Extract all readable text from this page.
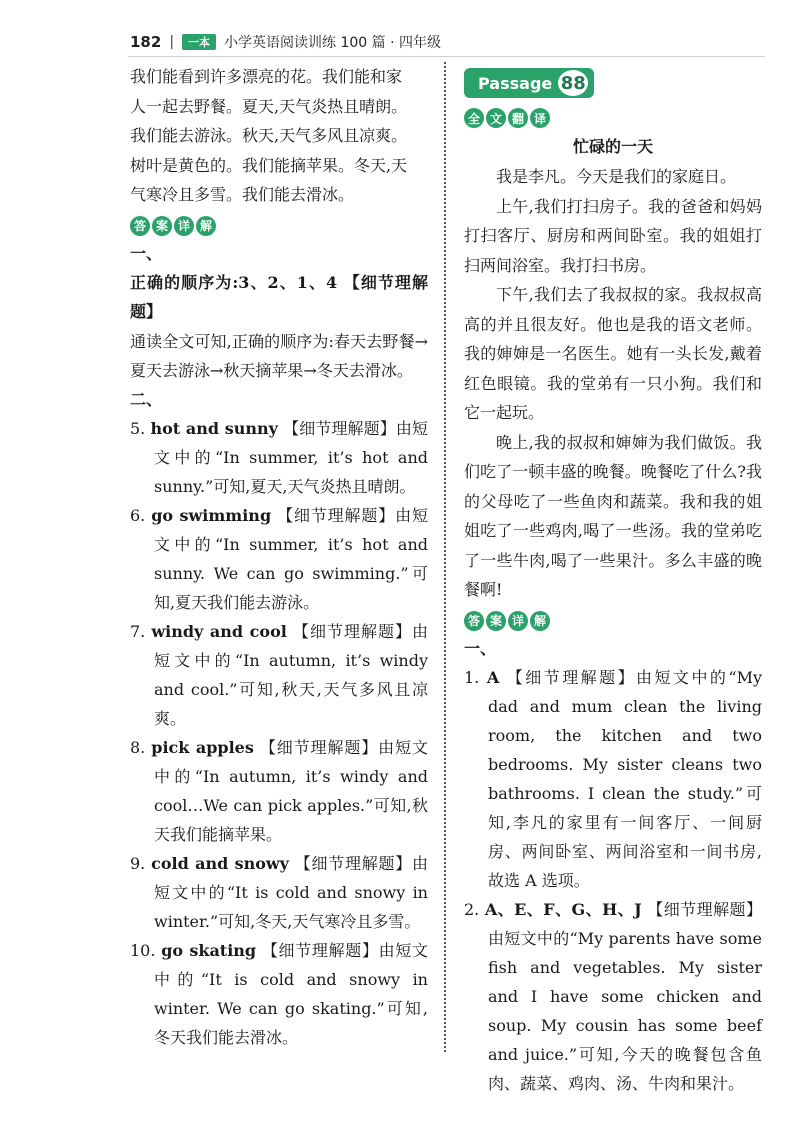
182 |	一本	小学英语阅读训练 100 篇 · 四年级

我们能看到许多漂亮的花。我们能和家

人一起去野餐。夏天,天气炎热且晴朗。

我们能去游泳。秋天,天气多风且凉爽。

树叶是黄色的。我们能摘苹果。冬天,天

气寒冷且多雪。我们能去滑冰。

答 案 详 解

一、

正确的顺序为:3、2、1、4 【细节理解题】

通读全文可知,正确的顺序为:春天去野餐→夏天去游泳→秋天摘苹果→冬天去滑冰。

二、

5. hot and sunny 【细节理解题】由短文中的“In summer, it’s hot and sunny.”可知,夏天,天气炎热且晴朗。

6. go swimming 【细节理解题】由短文中的“In summer, it’s hot and sunny. We can go swimming.”可知,夏天我们能去游泳。

7. windy and cool 【细节理解题】由短文中的“In autumn, it’s windy and cool.”可知,秋天,天气多风且凉爽。

8. pick apples 【细节理解题】由短文中的“In autumn, it’s windy and cool…We can pick apples.”可知,秋天我们能摘苹果。

9. cold and snowy 【细节理解题】由短文中的“It is cold and snowy in winter.”可知,冬天,天气寒冷且多雪。

10. go skating 【细节理解题】由短文中的“It is cold and snowy in winter. We can go skating.”可知,冬天我们能去滑冰。

Passage 88
全 文 翻 译

忙碌的一天

我是李凡。今天是我们的家庭日。

上午,我们打扫房子。我的爸爸和妈妈打扫客厅、厨房和两间卧室。我的姐姐打扫两间浴室。我打扫书房。

下午,我们去了我叔叔的家。我叔叔高高的并且很友好。他也是我的语文老师。我的婶婶是一名医生。她有一头长发,戴着红色眼镜。我的堂弟有一只小狗。我们和它一起玩。

晚上,我的叔叔和婶婶为我们做饭。我们吃了一顿丰盛的晚餐。晚餐吃了什么?我的父母吃了一些鱼肉和蔬菜。我和我的姐姐吃了一些鸡肉,喝了一些汤。我的堂弟吃了一些牛肉,喝了一些果汁。多么丰盛的晚餐啊!

答 案 详 解

一、

1. A 【细节理解题】由短文中的“My dad and mum clean the living room, the kitchen and two bedrooms. My sister cleans two bathrooms. I clean the study.”可知,李凡的家里有一间客厅、一间厨房、两间卧室、两间浴室和一间书房,故选 A 选项。

2. A、E、F、G、H、J 【细节理解题】由短文中的“My parents have some fish and vegetables. My sister and I have some chicken and soup. My cousin has some beef and juice.”可知,今天的晚餐包含鱼肉、蔬菜、鸡肉、汤、牛肉和果汁。
